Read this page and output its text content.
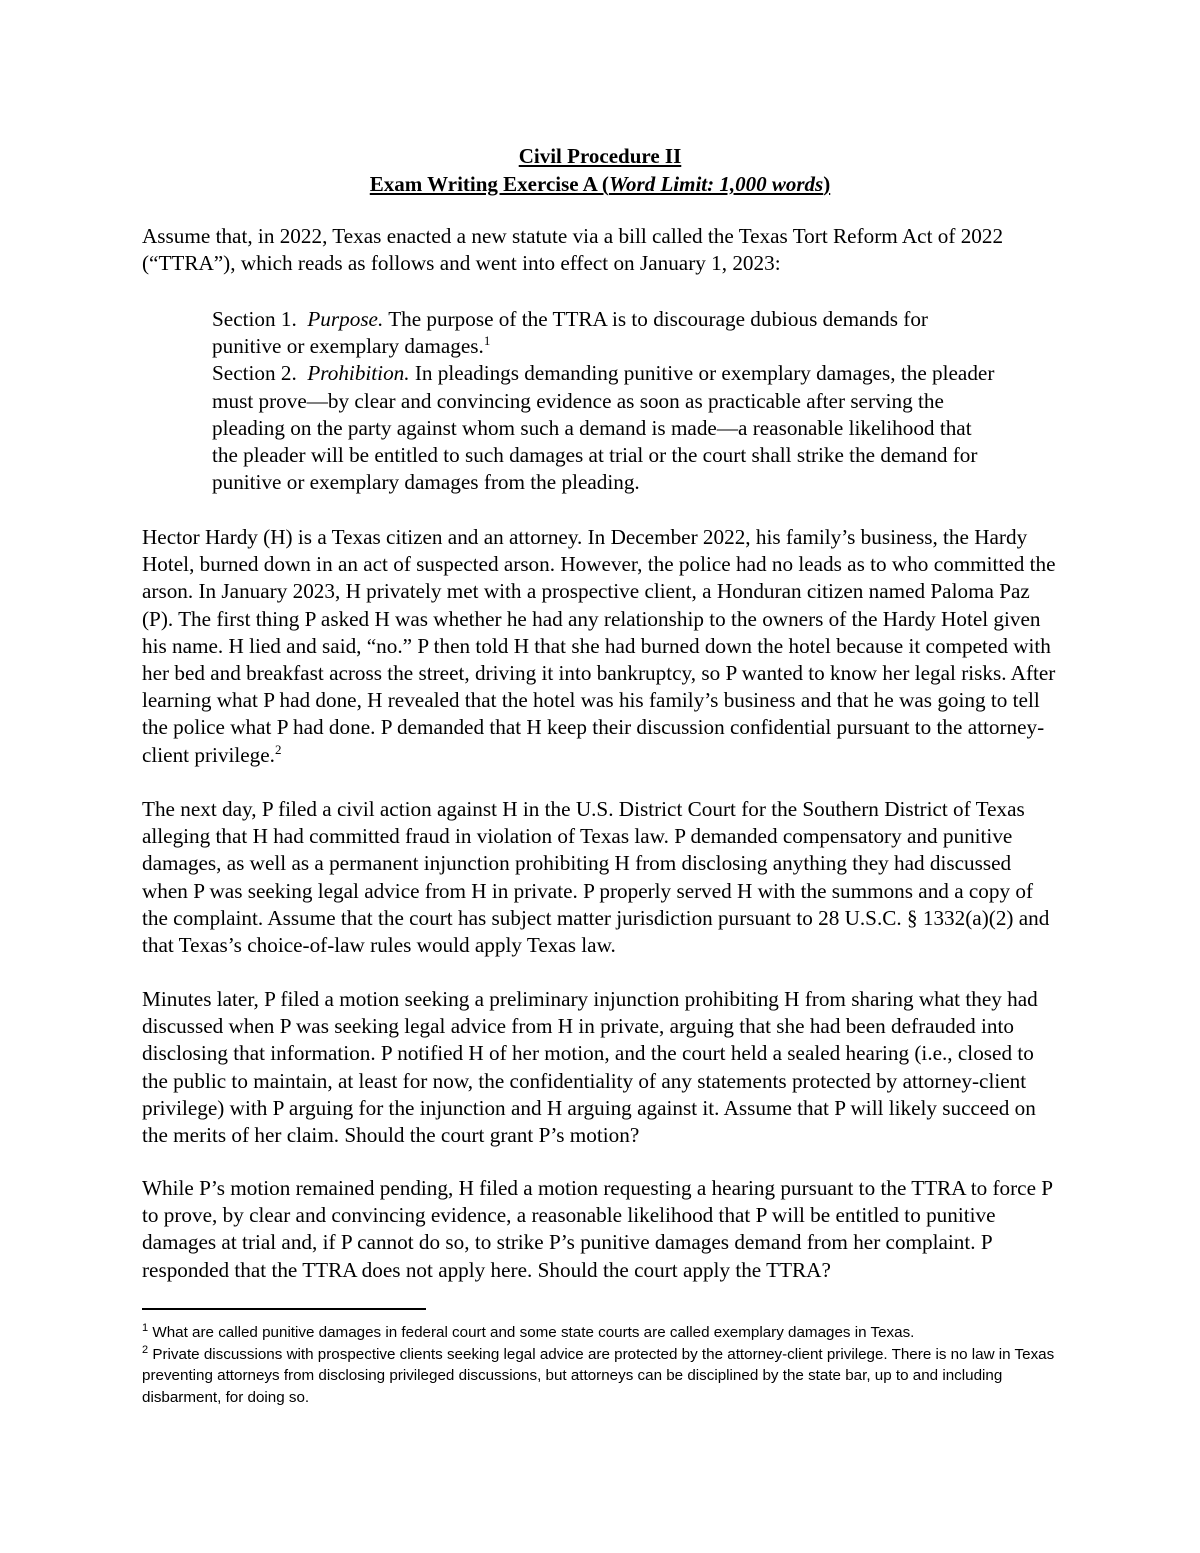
Civil Procedure II
Exam Writing Exercise A (Word Limit: 1,000 words)

Assume that, in 2022, Texas enacted a new statute via a bill called the Texas Tort Reform Act of 2022 (“TTRA”), which reads as follows and went into effect on January 1, 2023:

Section 1. Purpose. The purpose of the TTRA is to discourage dubious demands for punitive or exemplary damages.$^1$

Section 2. Prohibition. In pleadings demanding punitive or exemplary damages, the pleader must prove—by clear and convincing evidence as soon as practicable after serving the pleading on the party against whom such a demand is made—a reasonable likelihood that the pleader will be entitled to such damages at trial or the court shall strike the demand for punitive or exemplary damages from the pleading.

Hector Hardy (H) is a Texas citizen and an attorney. In December 2022, his family’s business, the Hardy Hotel, burned down in an act of suspected arson. However, the police had no leads as to who committed the arson. In January 2023, H privately met with a prospective client, a Honduran citizen named Paloma Paz (P). The first thing P asked H was whether he had any relationship to the owners of the Hardy Hotel given his name. H lied and said, “no.” P then told H that she had burned down the hotel because it competed with her bed and breakfast across the street, driving it into bankruptcy, so P wanted to know her legal risks. After learning what P had done, H revealed that the hotel was his family’s business and that he was going to tell the police what P had done. P demanded that H keep their discussion confidential pursuant to the attorney-client privilege.$^2$

The next day, P filed a civil action against H in the U.S. District Court for the Southern District of Texas alleging that H had committed fraud in violation of Texas law. P demanded compensatory and punitive damages, as well as a permanent injunction prohibiting H from disclosing anything they had discussed when P was seeking legal advice from H in private. P properly served H with the summons and a copy of the complaint. Assume that the court has subject matter jurisdiction pursuant to 28 U.S.C. § 1332(a)(2) and that Texas’s choice-of-law rules would apply Texas law.

Minutes later, P filed a motion seeking a preliminary injunction prohibiting H from sharing what they had discussed when P was seeking legal advice from H in private, arguing that she had been defrauded into disclosing that information. P notified H of her motion, and the court held a sealed hearing (i.e., closed to the public to maintain, at least for now, the confidentiality of any statements protected by attorney-client privilege) with P arguing for the injunction and H arguing against it. Assume that P will likely succeed on the merits of her claim. Should the court grant P’s motion?

While P’s motion remained pending, H filed a motion requesting a hearing pursuant to the TTRA to force P to prove, by clear and convincing evidence, a reasonable likelihood that P will be entitled to punitive damages at trial and, if P cannot do so, to strike P’s punitive damages demand from her complaint. P responded that the TTRA does not apply here. Should the court apply the TTRA?

$^1$ What are called punitive damages in federal court and some state courts are called exemplary damages in Texas.

$^2$ Private discussions with prospective clients seeking legal advice are protected by the attorney-client privilege. There is no law in Texas preventing attorneys from disclosing privileged discussions, but attorneys can be disciplined by the state bar, up to and including disbarment, for doing so.
